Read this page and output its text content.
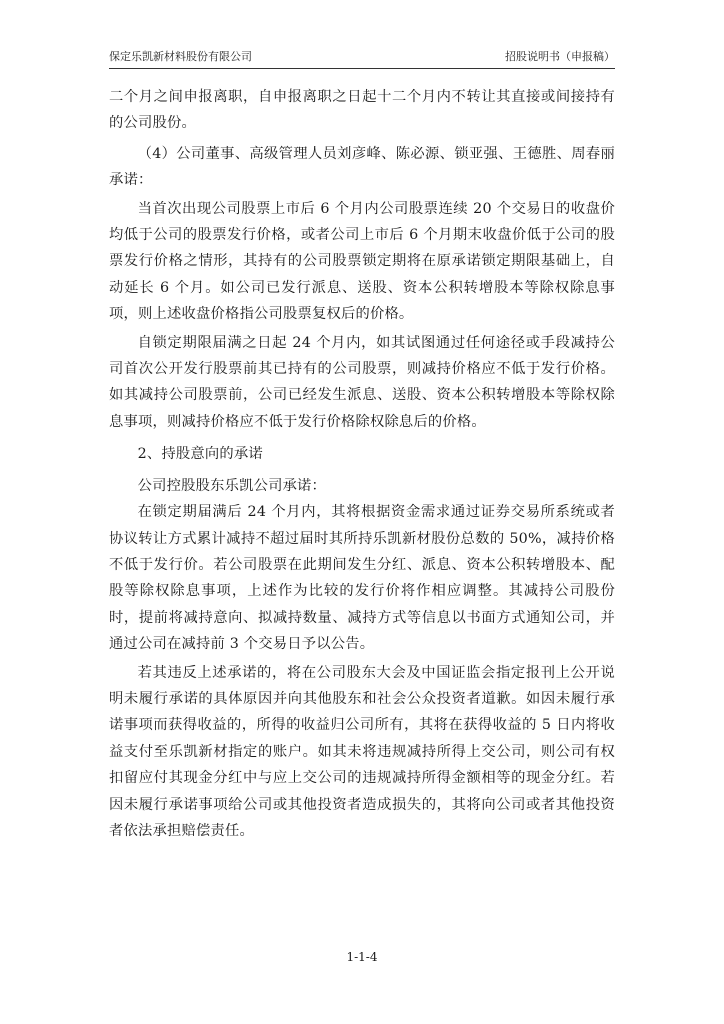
保定乐凯新材料股份有限公司	招股说明书（申报稿）

二个月之间申报离职，自申报离职之日起十二个月内不转让其直接或间接持有的公司股份。

（4）公司董事、高级管理人员刘彦峰、陈必源、锁亚强、王德胜、周春丽承诺：

当首次出现公司股票上市后 6 个月内公司股票连续 20 个交易日的收盘价均低于公司的股票发行价格，或者公司上市后 6 个月期末收盘价低于公司的股票发行价格之情形，其持有的公司股票锁定期将在原承诺锁定期限基础上，自动延长 6 个月。如公司已发行派息、送股、资本公积转增股本等除权除息事项，则上述收盘价格指公司股票复权后的价格。

自锁定期限届满之日起 24 个月内，如其试图通过任何途径或手段减持公司首次公开发行股票前其已持有的公司股票，则减持价格应不低于发行价格。如其减持公司股票前，公司已经发生派息、送股、资本公积转增股本等除权除息事项，则减持价格应不低于发行价格除权除息后的价格。

2、持股意向的承诺

公司控股股东乐凯公司承诺：

在锁定期届满后 24 个月内，其将根据资金需求通过证券交易所系统或者协议转让方式累计减持不超过届时其所持乐凯新材股份总数的 50%，减持价格不低于发行价。若公司股票在此期间发生分红、派息、资本公积转增股本、配股等除权除息事项，上述作为比较的发行价将作相应调整。其减持公司股份时，提前将减持意向、拟减持数量、减持方式等信息以书面方式通知公司，并通过公司在减持前 3 个交易日予以公告。

若其违反上述承诺的，将在公司股东大会及中国证监会指定报刊上公开说明未履行承诺的具体原因并向其他股东和社会公众投资者道歉。如因未履行承诺事项而获得收益的，所得的收益归公司所有，其将在获得收益的 5 日内将收益支付至乐凯新材指定的账户。如其未将违规减持所得上交公司，则公司有权扣留应付其现金分红中与应上交公司的违规减持所得金额相等的现金分红。若因未履行承诺事项给公司或其他投资者造成损失的，其将向公司或者其他投资者依法承担赔偿责任。

1-1-4
